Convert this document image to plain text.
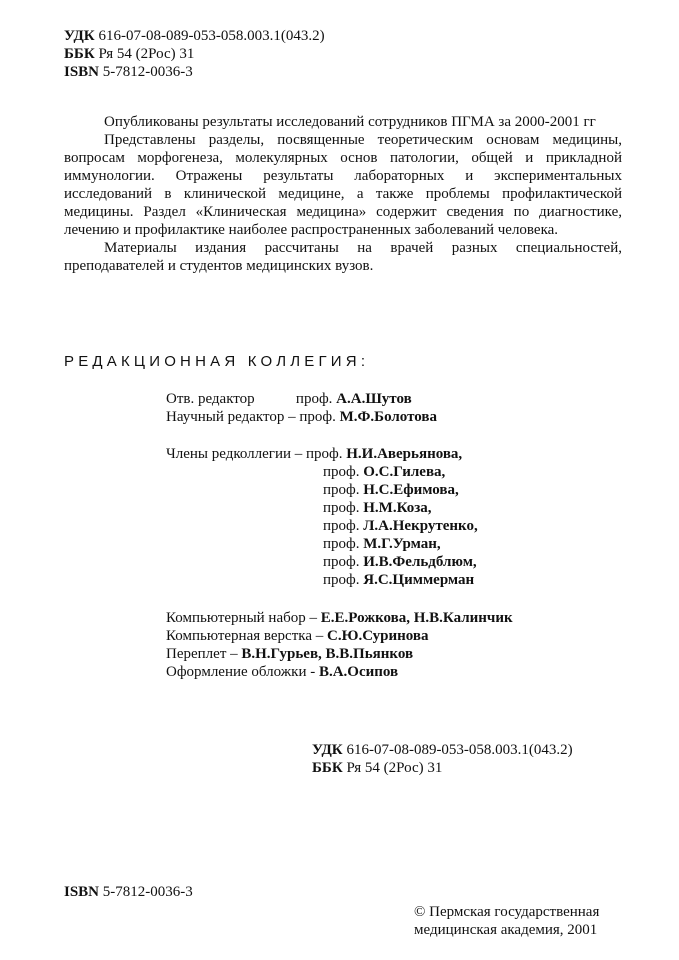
УДК 616-07-08-089-053-058.003.1(043.2)
ББК Ря 54 (2Рос) 31
ISBN 5-7812-0036-3

Опубликованы результаты исследований сотрудников ПГМА за 2000-2001 гг

Представлены разделы, посвященные теоретическим основам медицины, вопросам морфогенеза, молекулярных основ патологии, общей и прикладной иммунологии. Отражены результаты лабораторных и экспериментальных исследований в клинической медицине, а также проблемы профилактической медицины. Раздел «Клиническая медицина» содержит сведения по диагностике, лечению и профилактике наиболее распространенных заболеваний человека.

Материалы издания рассчитаны на врачей разных специальностей, преподавателей и студентов медицинских вузов.

РЕДАКЦИОННАЯ КОЛЛЕГИЯ:
Отв. редактор           проф. А.А.Шутов
Научный редактор – проф. М.Ф.Болотова
Члены редколлегии – проф. Н.И.Аверьянова,
проф. О.С.Гилева,
проф. Н.С.Ефимова,
проф. Н.М.Коза,
проф. Л.А.Некрутенко,
проф. М.Г.Урман,
проф. И.В.Фельдблюм,
проф. Я.С.Циммерман
Компьютерный набор – Е.Е.Рожкова, Н.В.Калинчик
Компьютерная верстка – С.Ю.Суринова
Переплет – В.Н.Гурьев, В.В.Пьянков
Оформление обложки - В.А.Осипов
УДК 616-07-08-089-053-058.003.1(043.2)
ББК Ря 54 (2Рос) 31
ISBN 5-7812-0036-3
© Пермская государственная
медицинская академия, 2001
